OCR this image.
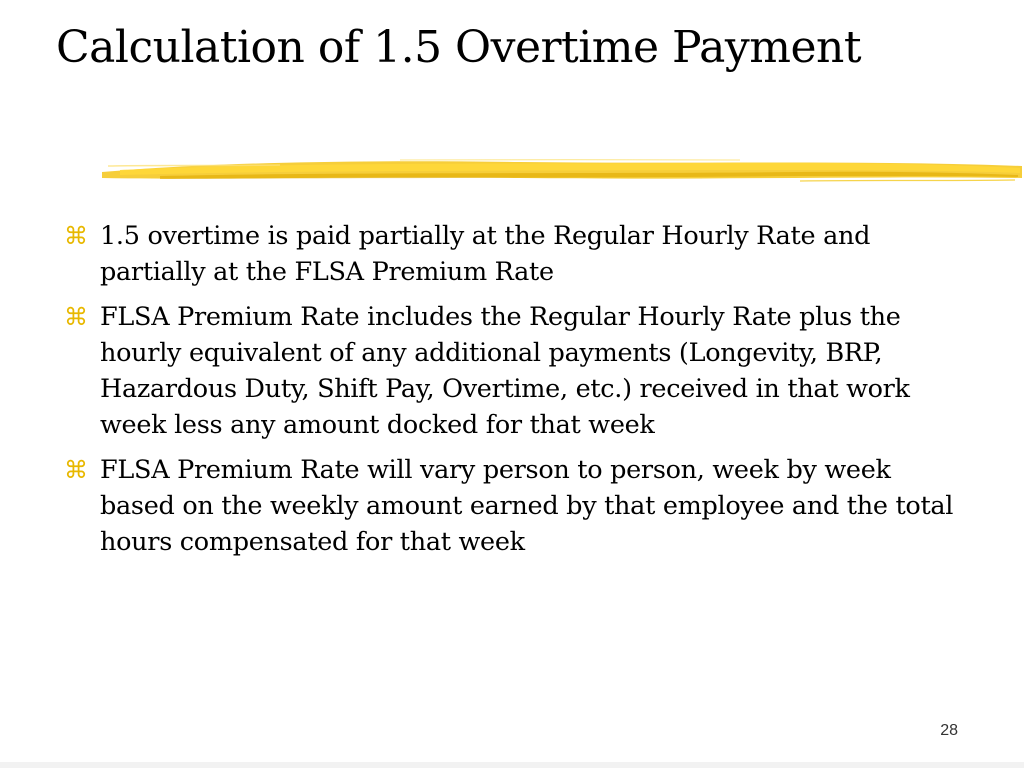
Calculation of 1.5 Overtime Payment
⌘ 1.5 overtime is paid partially at the Regular Hourly Rate and partially at the FLSA Premium Rate
⌘ FLSA Premium Rate includes the Regular Hourly Rate plus the hourly equivalent of any additional payments (Longevity, BRP, Hazardous Duty, Shift Pay, Overtime, etc.) received in that work week less any amount docked for that week
⌘ FLSA Premium Rate will vary person to person, week by week based on the weekly amount earned by that employee and the total hours compensated for that week
28
